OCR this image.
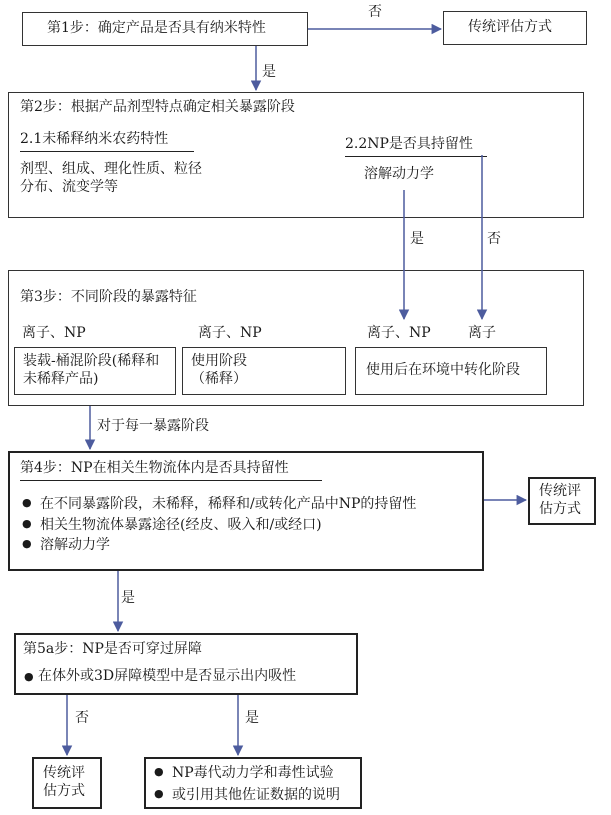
第1步：确定产品是否具有纳米特性	传统评估方式
否
是
第2步：根据产品剂型特点确定相关暴露阶段
2.1未稀释纳米农药特性
剂型、组成、理化性质、粒径分布、流变学等
2.2NP是否具持留性
溶解动力学
是	否
第3步：不同阶段的暴露特征
离子、NP	离子、NP	离子、NP	离子
装载-桶混阶段(稀释和未稀释产品)
使用阶段（稀释）
使用后在环境中转化阶段
对于每一暴露阶段
第4步：NP在相关生物流体内是否具持留性
● 在不同暴露阶段，未稀释，稀释和/或转化产品中NP的持留性
● 相关生物流体暴露途径(经皮、吸入和/或经口)
● 溶解动力学
传统评估方式
是
第5a步：NP是否可穿过屏障
● 在体外或3D屏障模型中是否显示出内吸性
否	是
传统评估方式
● NP毒代动力学和毒性试验
● 或引用其他佐证数据的说明
